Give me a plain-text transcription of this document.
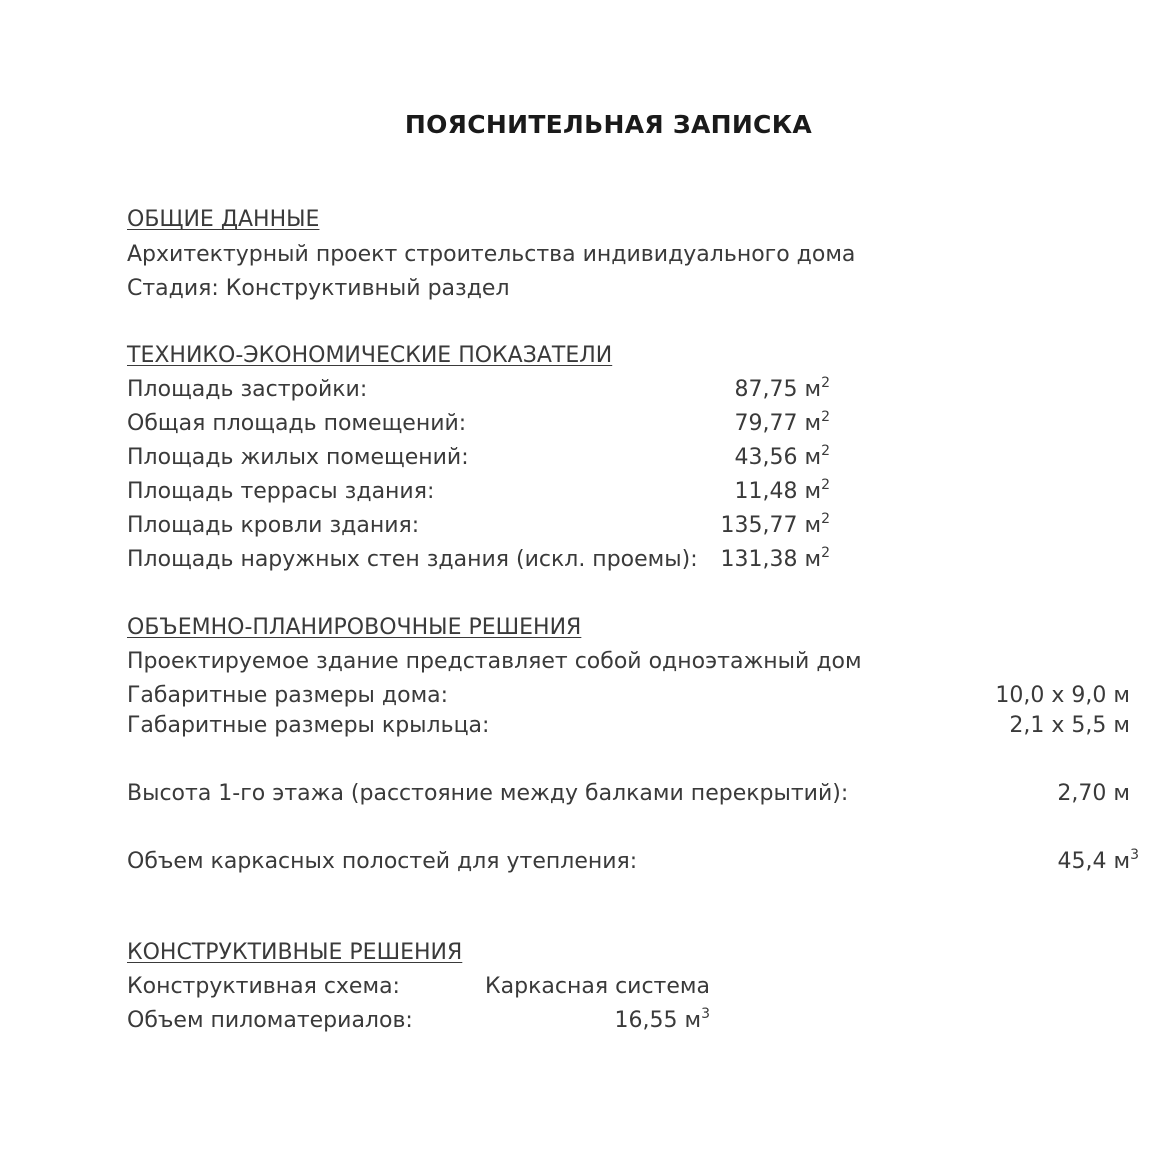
ПОЯСНИТЕЛЬНАЯ ЗАПИСКА
ОБЩИЕ ДАННЫЕ
Архитектурный проект строительства индивидуального дома
Стадия: Конструктивный раздел
ТЕХНИКО-ЭКОНОМИЧЕСКИЕ ПОКАЗАТЕЛИ
Площадь застройки:	87,75 $м^2$
Общая площадь помещений:	79,77 $м^2$
Площадь жилых помещений:	43,56 $м^2$
Площадь террасы здания:	11,48 $м^2$
Площадь кровли здания:	135,77 $м^2$
Площадь наружных стен здания (искл. проемы): 131,38 $м^2$
ОБЪЕМНО-ПЛАНИРОВОЧНЫЕ РЕШЕНИЯ
Проектируемое здание представляет собой одноэтажный дом
Габаритные размеры дома:	10,0 х 9,0 м
Габаритные размеры крыльца:	2,1 х 5,5 м
Высота 1-го этажа (расстояние между балками перекрытий):	2,70 м
Объем каркасных полостей для утепления:	45,4 $м^3$
КОНСТРУКТИВНЫЕ РЕШЕНИЯ
Конструктивная схема:	Каркасная система
Объем пиломатериалов:	16,55 $м^3$
